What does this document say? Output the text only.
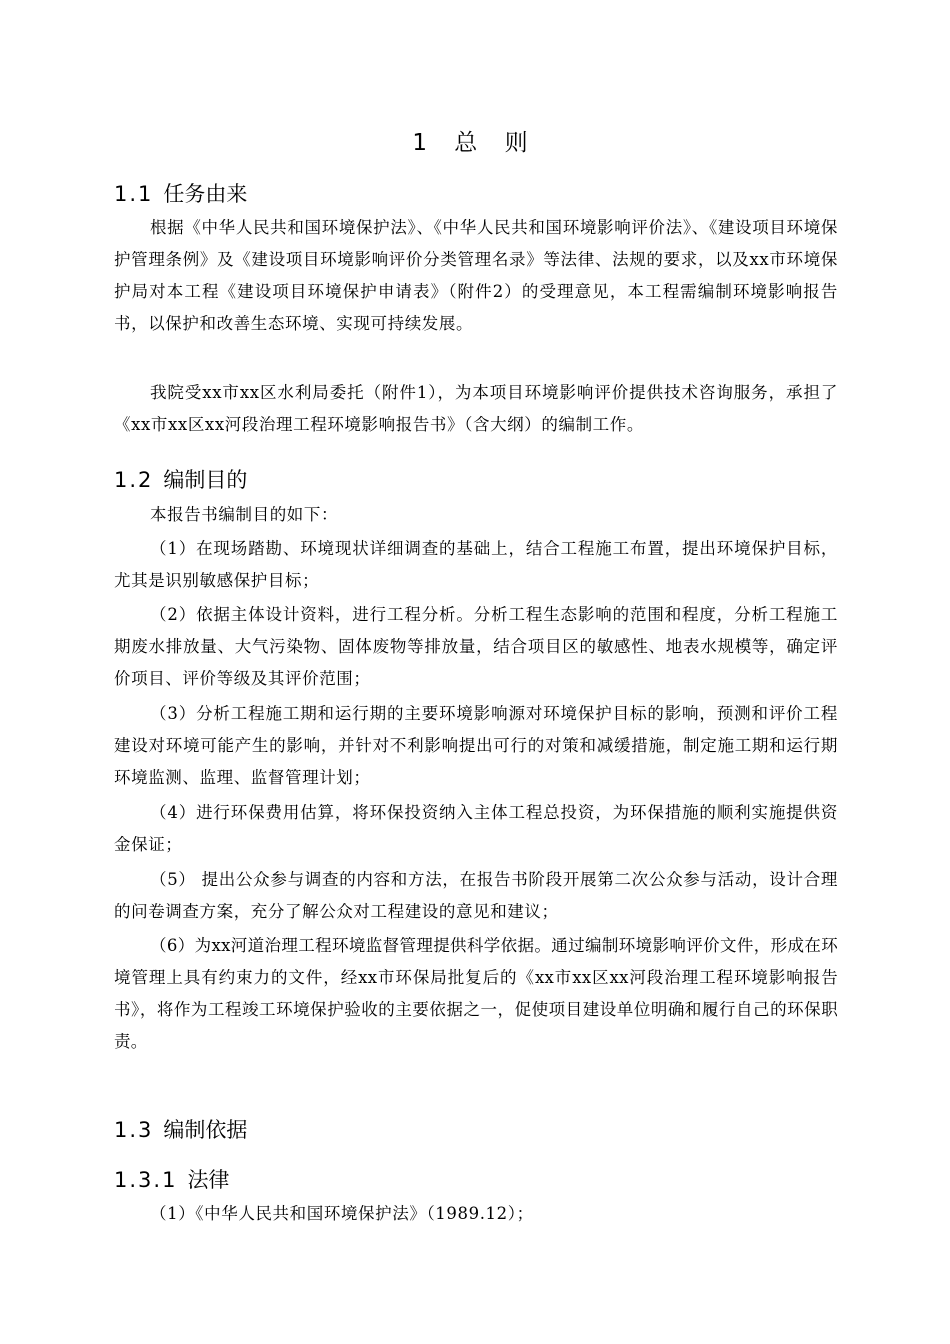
1 总 则
1.1 任务由来

根据《中华人民共和国环境保护法》、《中华人民共和国环境影响评价法》、《建设项目环境保护管理条例》及《建设项目环境影响评价分类管理名录》等法律、法规的要求，以及xx市环境保护局对本工程《建设项目环境保护申请表》（附件2）的受理意见，本工程需编制环境影响报告书，以保护和改善生态环境、实现可持续发展。

我院受xx市xx区水利局委托（附件1），为本项目环境影响评价提供技术咨询服务，承担了《xx市xx区xx河段治理工程环境影响报告书》（含大纲）的编制工作。

1.2 编制目的

本报告书编制目的如下：

（1）在现场踏勘、环境现状详细调查的基础上，结合工程施工布置，提出环境保护目标，尤其是识别敏感保护目标；

（2）依据主体设计资料，进行工程分析。分析工程生态影响的范围和程度，分析工程施工期废水排放量、大气污染物、固体废物等排放量，结合项目区的敏感性、地表水规模等，确定评价项目、评价等级及其评价范围；

（3）分析工程施工期和运行期的主要环境影响源对环境保护目标的影响，预测和评价工程建设对环境可能产生的影响，并针对不利影响提出可行的对策和减缓措施，制定施工期和运行期环境监测、监理、监督管理计划；

（4）进行环保费用估算，将环保投资纳入主体工程总投资，为环保措施的顺利实施提供资金保证；

（5） 提出公众参与调查的内容和方法，在报告书阶段开展第二次公众参与活动，设计合理的问卷调查方案，充分了解公众对工程建设的意见和建议；

（6）为xx河道治理工程环境监督管理提供科学依据。通过编制环境影响评价文件，形成在环境管理上具有约束力的文件，经xx市环保局批复后的《xx市xx区xx河段治理工程环境影响报告书》，将作为工程竣工环境保护验收的主要依据之一，促使项目建设单位明确和履行自己的环保职责。

1.3 编制依据
1.3.1 法律

（1）《中华人民共和国环境保护法》（1989.12）；
